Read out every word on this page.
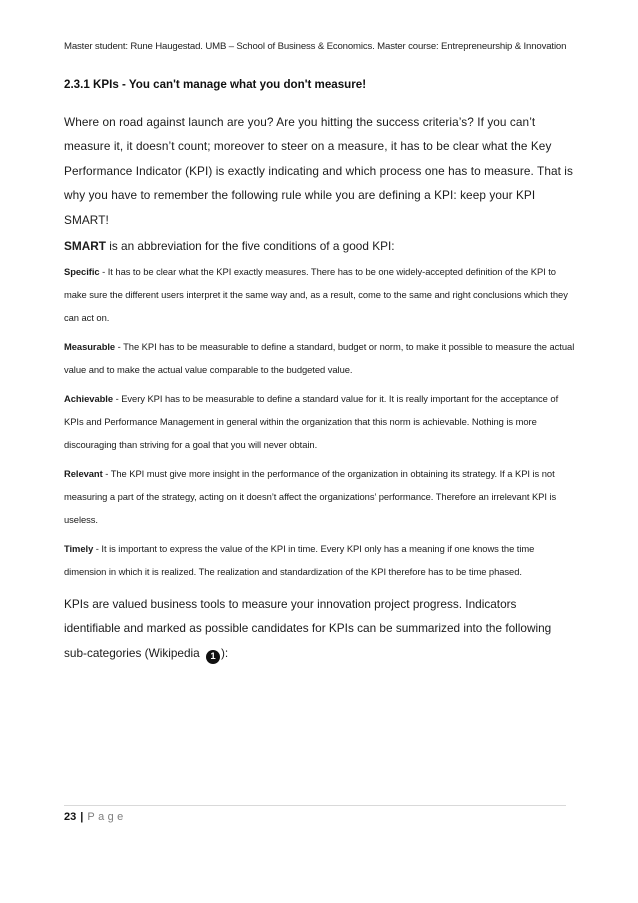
Master student: Rune Haugestad. UMB – School of Business & Economics. Master course: Entrepreneurship & Innovation
2.3.1 KPIs - You can't manage what you don't measure!

Where on road against launch are you? Are you hitting the success criteria’s? If you can’t measure it, it doesn’t count; moreover to steer on a measure, it has to be clear what the Key Performance Indicator (KPI) is exactly indicating and which process one has to measure. That is why you have to remember the following rule while you are defining a KPI: keep your KPI SMART!

SMART is an abbreviation for the five conditions of a good KPI:

Specific - It has to be clear what the KPI exactly measures. There has to be one widely-accepted definition of the KPI to make sure the different users interpret it the same way and, as a result, come to the same and right conclusions which they can act on.

Measurable - The KPI has to be measurable to define a standard, budget or norm, to make it possible to measure the actual value and to make the actual value comparable to the budgeted value.

Achievable - Every KPI has to be measurable to define a standard value for it. It is really important for the acceptance of KPIs and Performance Management in general within the organization that this norm is achievable. Nothing is more discouraging than striving for a goal that you will never obtain.

Relevant - The KPI must give more insight in the performance of the organization in obtaining its strategy. If a KPI is not measuring a part of the strategy, acting on it doesn’t affect the organizations’ performance. Therefore an irrelevant KPI is useless.

Timely - It is important to express the value of the KPI in time. Every KPI only has a meaning if one knows the time dimension in which it is realized. The realization and standardization of the KPI therefore has to be time phased.

KPIs are valued business tools to measure your innovation project progress. Indicators identifiable and marked as possible candidates for KPIs can be summarized into the following sub-categories (Wikipedia 1 ):

23 | Page
